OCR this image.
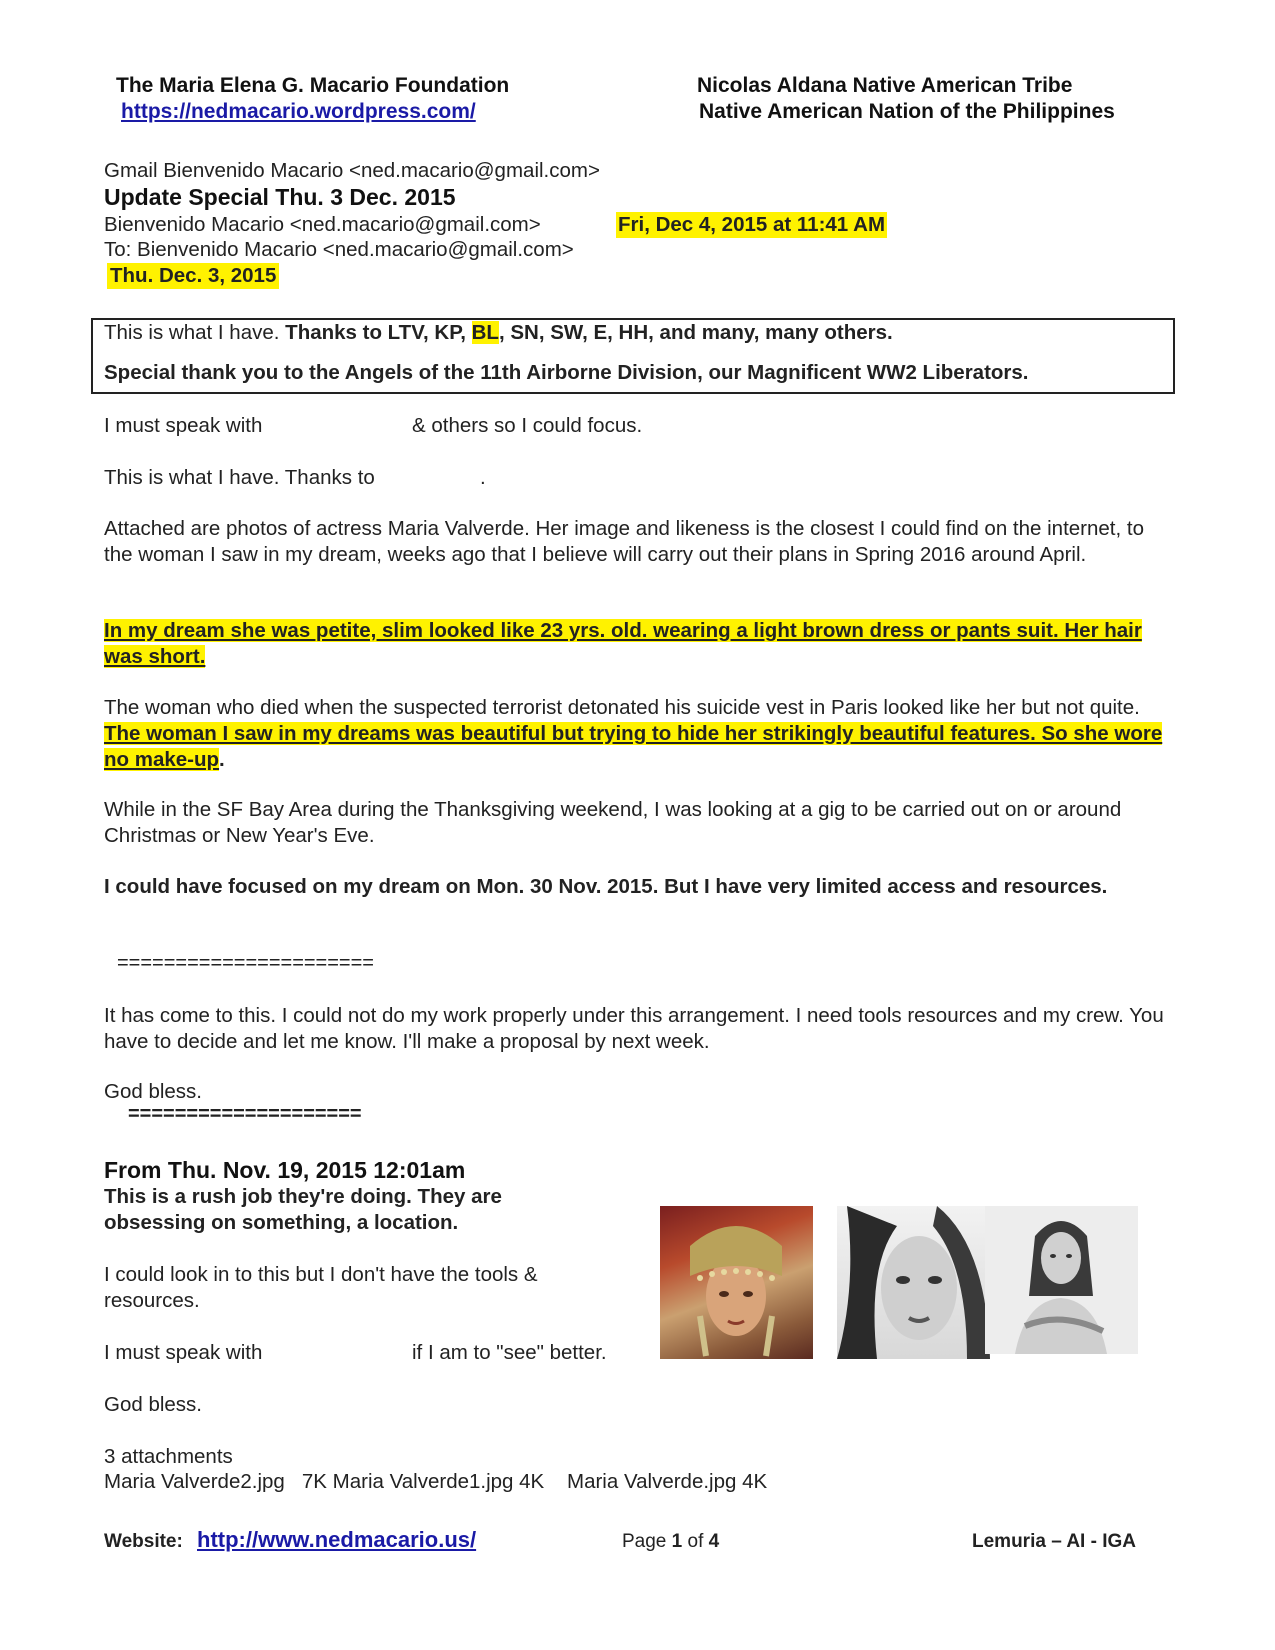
The Maria Elena G. Macario Foundation
https://nedmacario.wordpress.com/
Nicolas Aldana Native American Tribe
Native American Nation of the Philippines
Gmail Bienvenido Macario <ned.macario@gmail.com>
Update Special Thu. 3 Dec. 2015
Bienvenido Macario <ned.macario@gmail.com>	Fri, Dec 4, 2015 at 11:41 AM
To: Bienvenido Macario <ned.macario@gmail.com>
Thu. Dec. 3, 2015
This is what I have. Thanks to LTV, KP, BL, SN, SW, E, HH, and many, many others.
Special thank you to the Angels of the 11th Airborne Division, our Magnificent WW2 Liberators.
I must speak with	& others so I could focus.
This is what I have. Thanks to	.

Attached are photos of actress Maria Valverde. Her image and likeness is the closest I could find on the internet, to the woman I saw in my dream, weeks ago that I believe will carry out their plans in Spring 2016 around April.

In my dream she was petite, slim looked like 23 yrs. old. wearing a light brown dress or pants suit. Her hair was short.

The woman who died when the suspected terrorist detonated his suicide vest in Paris looked like her but not quite. The woman I saw in my dreams was beautiful but trying to hide her strikingly beautiful features. So she wore no make-up.

While in the SF Bay Area during the Thanksgiving weekend, I was looking at a gig to be carried out on or around Christmas or New Year's Eve.

I could have focused on my dream on Mon. 30 Nov. 2015. But I have very limited access and resources.

======================

It has come to this. I could not do my work properly under this arrangement. I need tools resources and my crew. You have to decide and let me know. I'll make a proposal by next week.

God bless.
====================
From Thu. Nov. 19, 2015 12:01am

This is a rush job they're doing. They are obsessing on something, a location.

I could look in to this but I don't have the tools & resources.

I must speak with	if I am to "see" better.
God bless.
3 attachments
Maria Valverde2.jpg   7K Maria Valverde1.jpg 4K    Maria Valverde.jpg 4K
Website: http://www.nedmacario.us/	Page 1 of 4	Lemuria – AI - IGA
